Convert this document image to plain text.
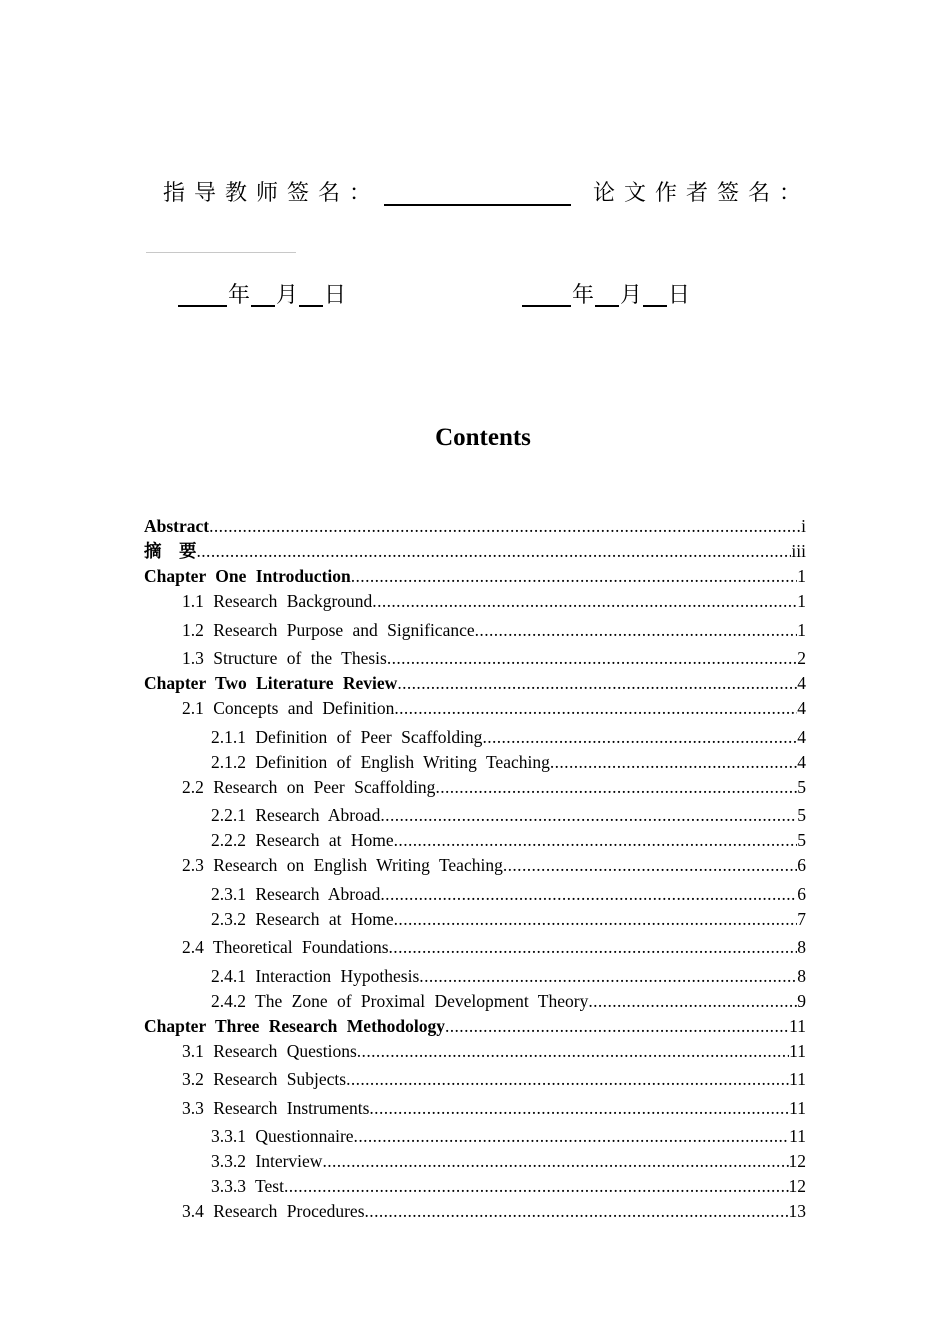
指导教师签名：	论文作者签名：
年 月 日	年 月 日
Contents
Abstract .....	i
摘　要 .....	iii
Chapter One Introduction .....	1
1.1 Research Background .....	1
1.2 Research Purpose and Significance .....	1
1.3 Structure of the Thesis .....	2
Chapter Two Literature Review .....	4
2.1 Concepts and Definition .....	4
2.1.1 Definition of Peer Scaffolding .....	4
2.1.2 Definition of English Writing Teaching .....	4
2.2 Research on Peer Scaffolding .....	5
2.2.1 Research Abroad .....	5
2.2.2 Research at Home .....	5
2.3 Research on English Writing Teaching .....	6
2.3.1 Research Abroad .....	6
2.3.2 Research at Home .....	7
2.4 Theoretical Foundations .....	8
2.4.1 Interaction Hypothesis .....	8
2.4.2 The Zone of Proximal Development Theory .....	9
Chapter Three Research Methodology .....	11
3.1 Research Questions .....	11
3.2 Research Subjects .....	11
3.3 Research Instruments .....	11
3.3.1 Questionnaire .....	11
3.3.2 Interview .....	12
3.3.3 Test .....	12
3.4 Research Procedures .....	13
